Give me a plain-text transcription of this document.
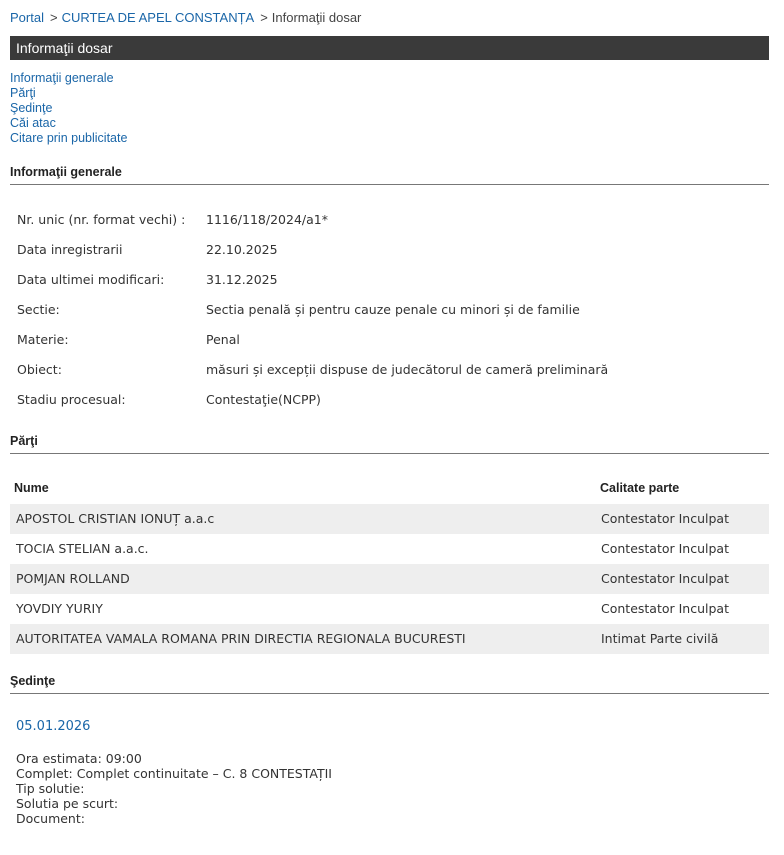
Portal > CURTEA DE APEL CONSTANȚA > Informaţii dosar
Informaţii dosar
Informaţii generale
Părţi
Şedinţe
Căi atac
Citare prin publicitate
Informaţii generale
Nr. unic (nr. format vechi) : 1116/118/2024/a1*
Data inregistrarii	22.10.2025
Data ultimei modificari:	31.12.2025
Sectie:	Sectia penală și pentru cauze penale cu minori și de familie
Materie:	Penal
Obiect:	măsuri și excepții dispuse de judecătorul de cameră preliminară
Stadiu procesual:	Contestaţie(NCPP)
Părţi
Nume	Calitate parte
APOSTOL CRISTIAN IONUȚ a.a.c	Contestator Inculpat
TOCIA STELIAN a.a.c.	Contestator Inculpat
POMJAN ROLLAND	Contestator Inculpat
YOVDIY YURIY	Contestator Inculpat
AUTORITATEA VAMALA ROMANA PRIN DIRECTIA REGIONALA BUCURESTI	Intimat Parte civilă
Şedinţe
05.01.2026
Ora estimata: 09:00
Complet: Complet continuitate – C. 8 CONTESTAȚII
Tip solutie:
Solutia pe scurt:
Document:
